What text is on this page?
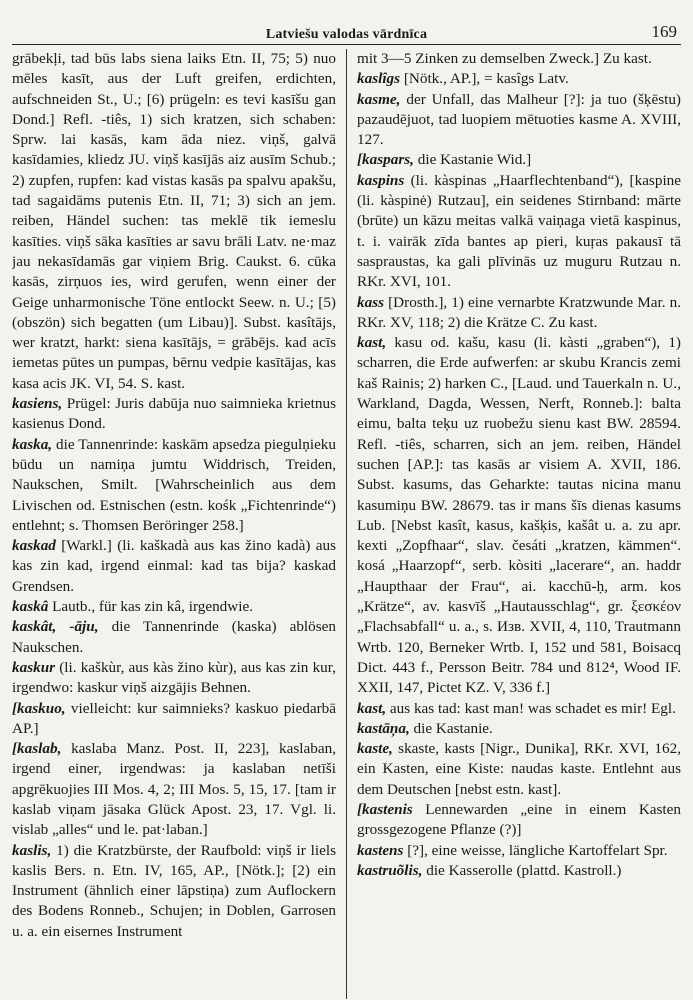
Latviešu valodas vārdnīca	169

grābekļi, tad būs labs siena laiks Etn. II, 75; 5) nuo mēles kasīt, aus der Luft greifen, erdichten, aufschneiden St., U.; [6) prügeln: es tevi kasīšu gan Dond.] Refl. -tiês, 1) sich kratzen, sich schaben: Sprw. lai kasās, kam āda niez. viņš, galvā kasīdamies, kliedz JU. viņš kasījās aiz ausīm Schub.; 2) zupfen, rupfen: kad vistas kasās pa spalvu apakšu, tad sagaidāms putenis Etn. II, 71; 3) sich an jem. reiben, Händel suchen: tas meklē tik iemeslu kasīties. viņš sāka kasīties ar savu brāli Latv. ne·maz jau nekasīdamās gar viņiem Brig. Caukst. 6. cūka kasās, zirņuos ies, wird gerufen, wenn einer der Geige unharmonische Töne entlockt Seew. n. U.; [5) (obszön) sich begatten (um Libau)]. Subst. kasîtājs, wer kratzt, harkt: siena kasītājs, = grābējs. kad acīs iemetas pūtes un pumpas, bērnu vedpie kasītājas, kas kasa acis JK. VI, 54. S. kast.

kasiens, Prügel: Juris dabūja nuo saimnieka krietnus kasienus Dond.

kaska, die Tannenrinde: kaskām apsedza piegulņieku būdu un namiņa jumtu Widdrisch, Treiden, Naukschen, Smilt. [Wahrscheinlich aus dem Livischen od. Estnischen (estn. kośk „Fichtenrinde“) entlehnt; s. Thomsen Beröringer 258.]

kaskad [Warkl.] (li. kaškadà aus kas žino kadà) aus kas zin kad, irgend einmal: kad tas bija? kaskad Grendsen.

kaskâ Lautb., für kas zin kâ, irgendwie.

kaskât, -āju, die Tannenrinde (kaska) ablösen Naukschen.

kaskur (li. kaškùr, aus kàs žino kùr), aus kas zin kur, irgendwo: kaskur viņš aizgājis Behnen.

[kaskuo, vielleicht: kur saimnieks? kaskuo piedarbā AP.]

[kaslab, kaslaba Manz. Post. II, 223], kaslaban, irgend einer, irgendwas: ja kaslaban netīši apgrēkuojies III Mos. 4, 2; III Mos. 5, 15, 17. [tam ir kaslab viņam jāsaka Glück Apost. 23, 17. Vgl. li. vislab „alles“ und le. pat·laban.]

kaslis, 1) die Kratzbürste, der Raufbold: viņš ir liels kaslis Bers. n. Etn. IV, 165, AP., [Nötk.]; [2) ein Instrument (ähnlich einer lāpstiņa) zum Auflockern des Bodens Ronneb., Schujen; in Doblen, Garrosen u. a. ein eisernes Instrument

mit 3—5 Zinken zu demselben Zweck.] Zu kast.

kaslîgs [Nötk., AP.], = kasîgs Latv.

kasme, der Unfall, das Malheur [?]: ja tuo (šķēstu) pazaudējuot, tad luopiem mētuoties kasme A. XVIII, 127.

[kaspars, die Kastanie Wid.]

kaspins (li. kàspinas „Haarflechtenband“), [kaspine (li. kàspinė) Rutzau], ein seidenes Stirnband: mārte (brūte) un kāzu meitas valkā vaiņaga vietā kaspinus, t. i. vairāk zīda bantes ap pieri, kuŗas pakausī tā saspraustas, ka gali plīvinās uz muguru Rutzau n. RKr. XVI, 101.

kass [Drosth.], 1) eine vernarbte Kratzwunde Mar. n. RKr. XV, 118; 2) die Krätze C. Zu kast.

kast, kasu od. kašu, kasu (li. kàsti „graben“), 1) scharren, die Erde aufwerfen: ar skubu Krancis zemi kaš Rainis; 2) harken C., [Laud. und Tauerkaln n. U., Warkland, Dagda, Wessen, Nerft, Ronneb.]: balta eimu, balta teķu uz ruobežu sienu kast BW. 28594. Refl. -tiês, scharren, sich an jem. reiben, Händel suchen [AP.]: tas kasās ar visiem A. XVII, 186. Subst. kasums, das Geharkte: tautas nicina manu kasumiņu BW. 28679. tas ir mans šīs dienas kasums Lub. [Nebst kasît, kasus, kašķis, kašât u. a. zu apr. kexti „Zopfhaar“, slav. česáti „kratzen, kämmen“. kosá „Haarzopf“, serb. kòsiti „lacerare“, an. haddr „Haupthaar der Frau“, ai. kacchū-ḥ, arm. kos „Krätze“, av. kasvīš „Hautausschlag“, gr. ξεσκέον „Flachsabfall“ u. a., s. Изв. XVII, 4, 110, Trautmann Wrtb. 120, Berneker Wrtb. I, 152 und 581, Boisacq Dict. 443 f., Persson Beitr. 784 und 812⁴, Wood IF. XXII, 147, Pictet KZ. V, 336 f.]

kast, aus kas tad: kast man! was schadet es mir! Egl.

kastāņa, die Kastanie.

kaste, skaste, kasts [Nigr., Dunika], RKr. XVI, 162, ein Kasten, eine Kiste: naudas kaste. Entlehnt aus dem Deutschen [nebst estn. kast].

[kastenis Lennewarden „eine in einem Kasten grossgezogene Pflanze (?)]

kastens [?], eine weisse, längliche Kartoffelart Spr.

kastruõlis, die Kasserolle (plattd. Kastroll.)
